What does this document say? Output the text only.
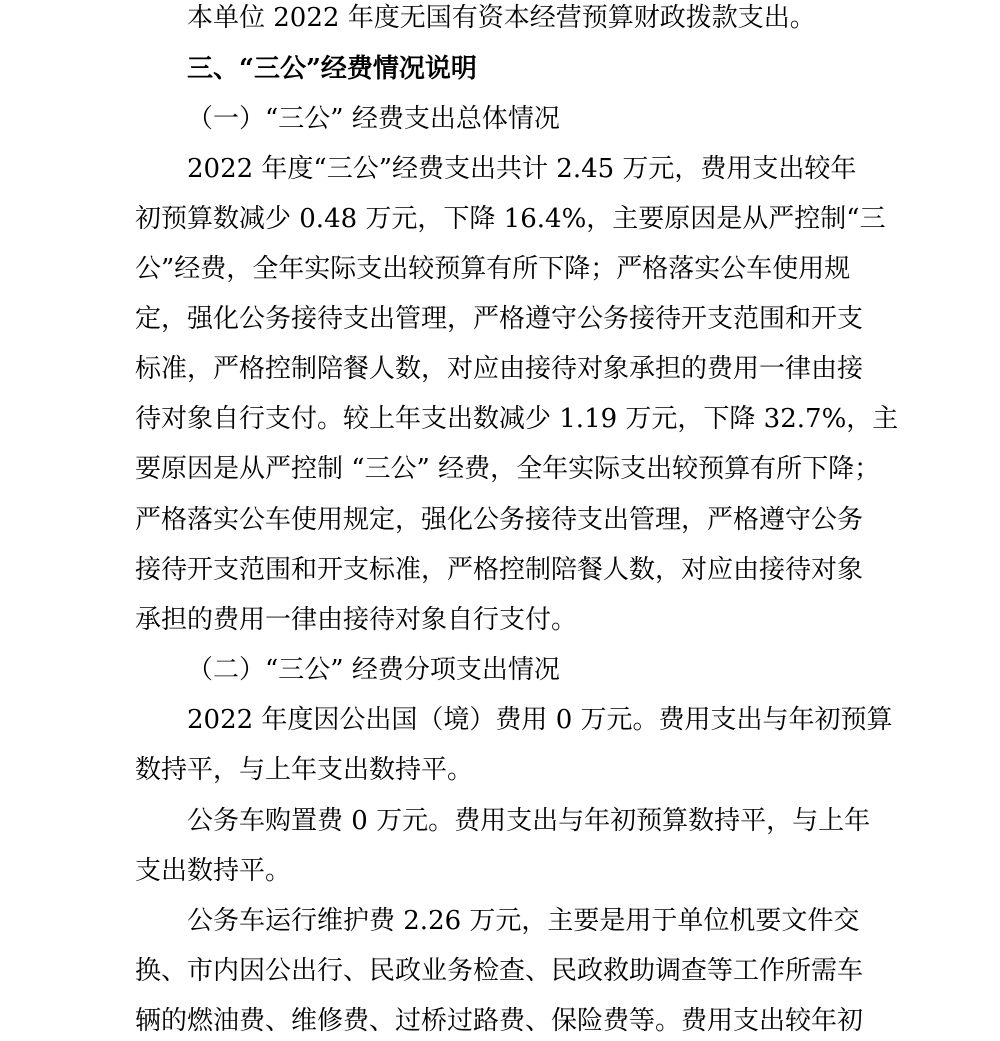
本单位 2022 年度无国有资本经营预算财政拨款支出。
三、“三公”经费情况说明
（一）“三公” 经费支出总体情况
2022 年度“三公”经费支出共计 2.45 万元，费用支出较年
初预算数减少 0.48 万元，下降 16.4%，主要原因是从严控制“三
公”经费，全年实际支出较预算有所下降；严格落实公车使用规
定，强化公务接待支出管理，严格遵守公务接待开支范围和开支
标准，严格控制陪餐人数，对应由接待对象承担的费用一律由接
待对象自行支付。较上年支出数减少 1.19 万元，下降 32.7%，主
要原因是从严控制 “三公” 经费，全年实际支出较预算有所下降；
严格落实公车使用规定，强化公务接待支出管理，严格遵守公务
接待开支范围和开支标准，严格控制陪餐人数，对应由接待对象
承担的费用一律由接待对象自行支付。
（二）“三公” 经费分项支出情况
2022 年度因公出国（境）费用 0 万元。费用支出与年初预算
数持平，与上年支出数持平。
公务车购置费 0 万元。费用支出与年初预算数持平，与上年
支出数持平。
公务车运行维护费 2.26 万元，主要是用于单位机要文件交
换、市内因公出行、民政业务检查、民政救助调查等工作所需车
辆的燃油费、维修费、过桥过路费、保险费等。费用支出较年初
